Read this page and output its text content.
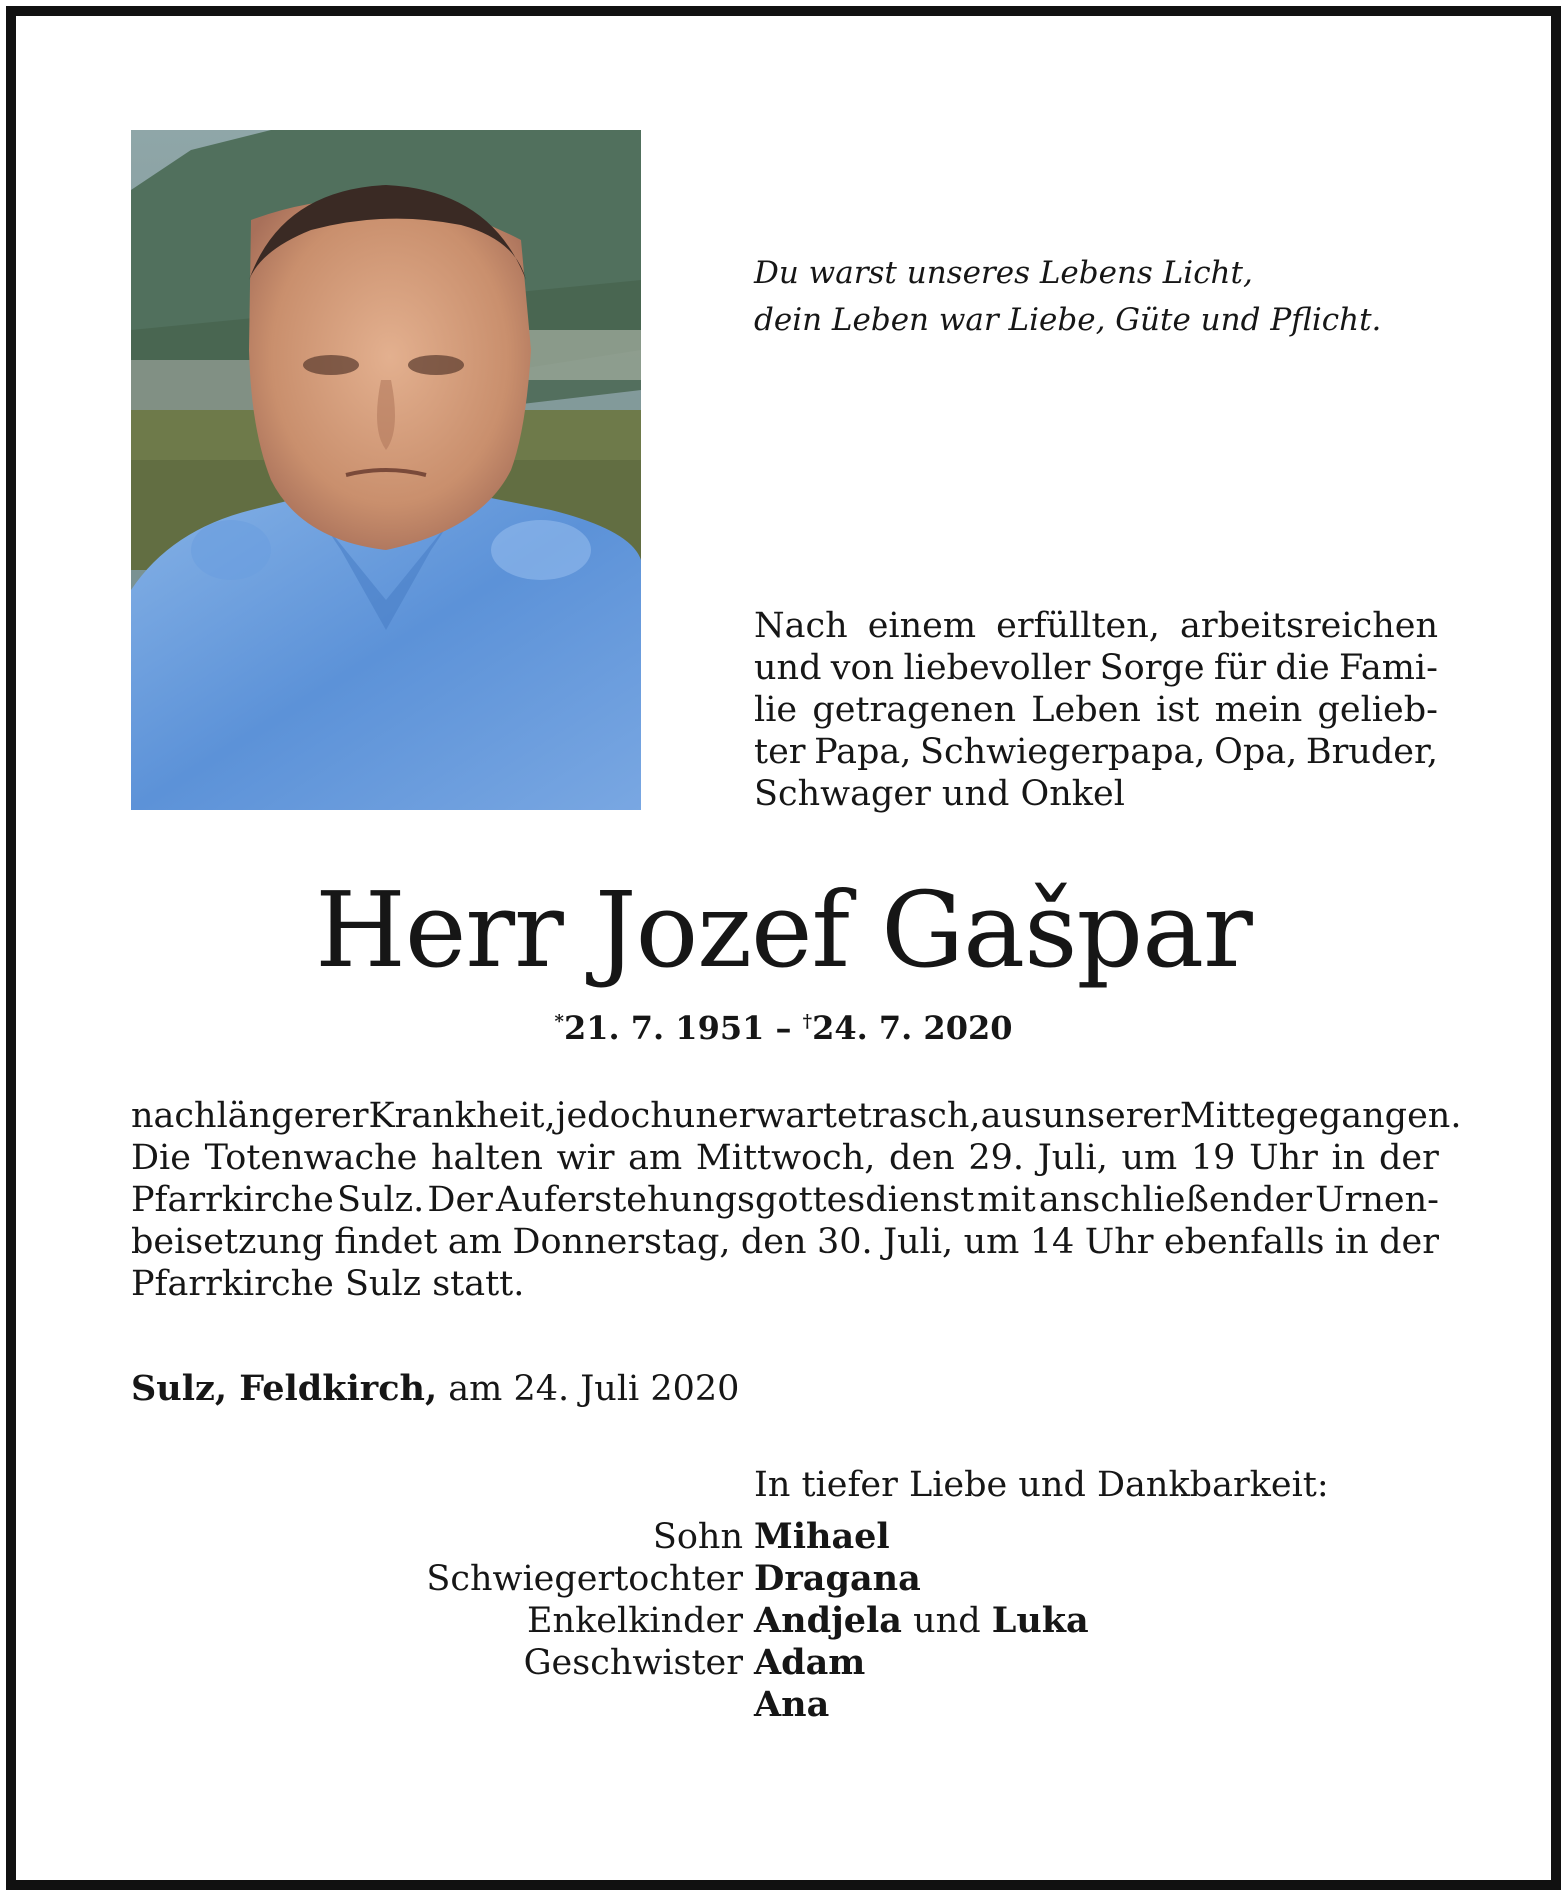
Du warst unseres Lebens Licht,
dein Leben war Liebe, Güte und Pflicht.
Nach einem erfüllten, arbeitsreichen
und von liebevoller Sorge für die Fami-
lie getragenen Leben ist mein gelieb-
ter Papa, Schwiegerpapa, Opa, Bruder,
Schwager und Onkel
Herr Jozef Gašpar
*21. 7. 1951 – †24. 7. 2020
nach längerer Krankheit, jedoch unerwartet rasch, aus unserer Mitte gegangen.
Die Totenwache halten wir am Mittwoch, den 29. Juli, um 19 Uhr in der
Pfarrkirche Sulz. Der Auferstehungsgottesdienst mit anschließender Urnen-
beisetzung findet am Donnerstag, den 30. Juli, um 14 Uhr ebenfalls in der
Pfarrkirche Sulz statt.
Sulz, Feldkirch, am 24. Juli 2020
In tiefer Liebe und Dankbarkeit:
Sohn Mihael
Schwiegertochter Dragana
Enkelkinder Andjela und Luka
Geschwister Adam
Ana
